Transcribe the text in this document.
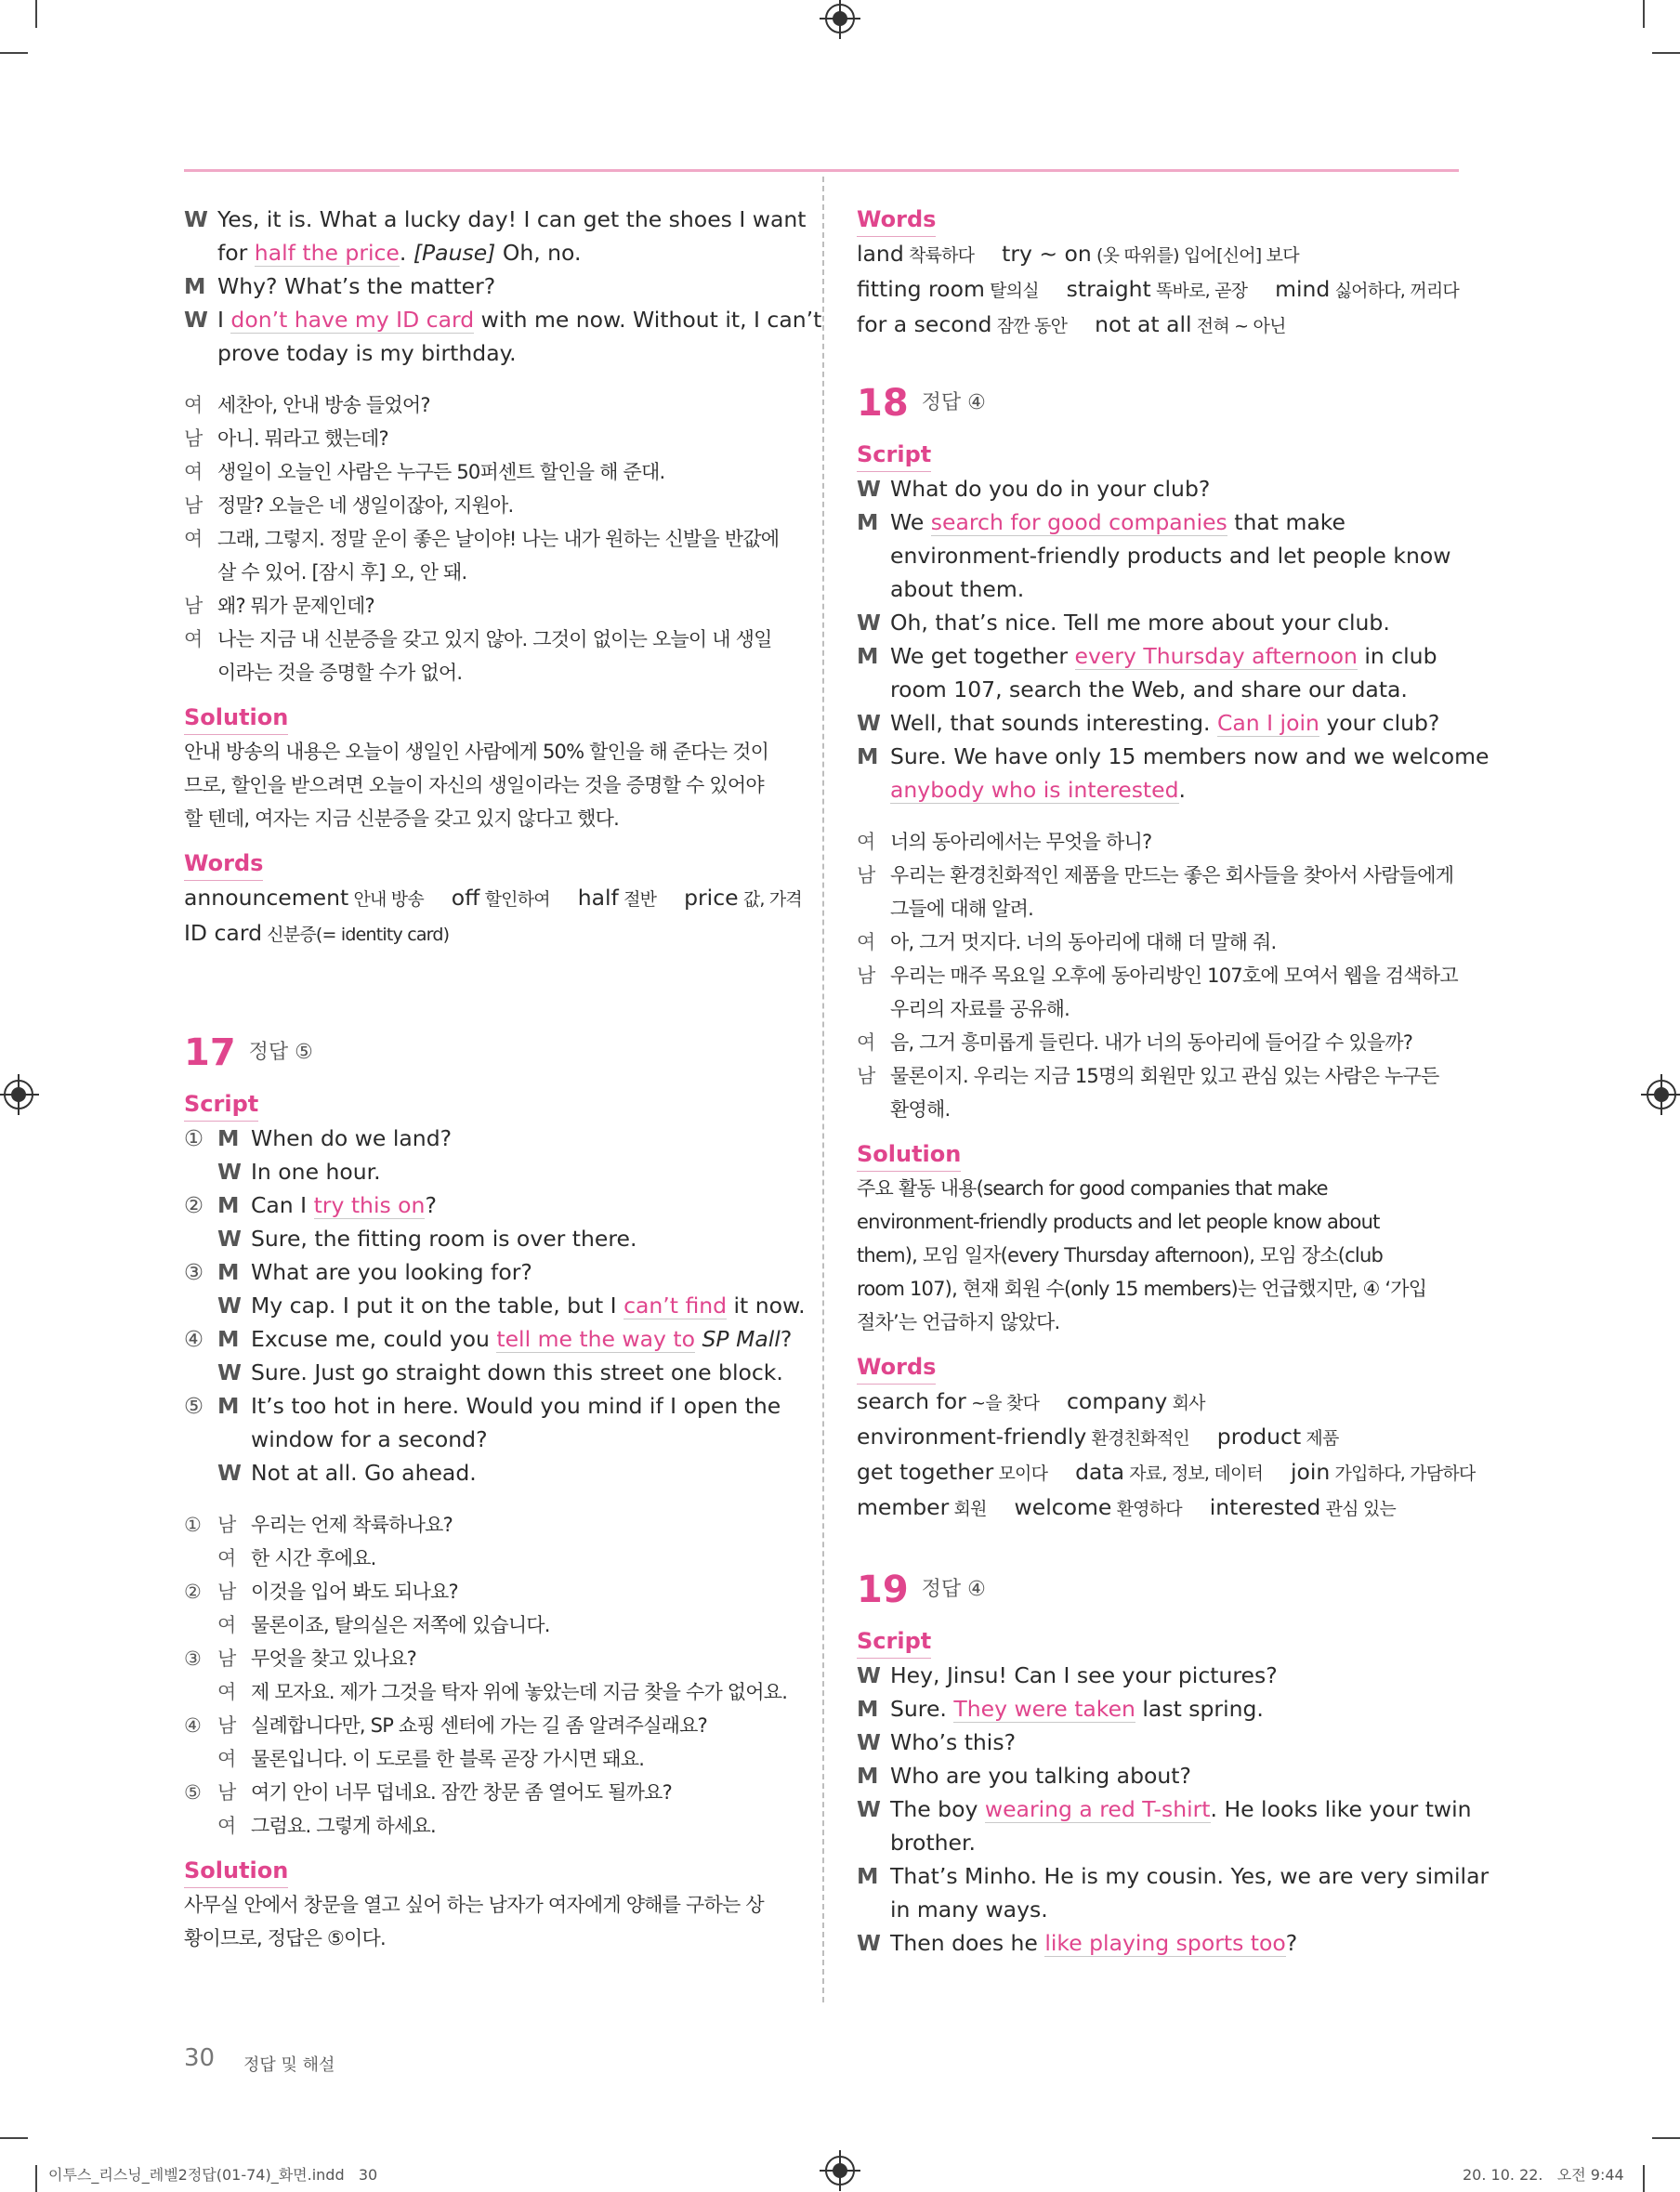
W Yes, it is. What a lucky day! I can get the shoes I want
for half the price. [Pause] Oh, no.
M Why? What’s the matter?
W I don’t have my ID card with me now. Without it, I can’t
prove today is my birthday.
여 세찬아, 안내 방송 들었어?
남 아니. 뭐라고 했는데?
여 생일이 오늘인 사람은 누구든 50퍼센트 할인을 해 준대.
남 정말? 오늘은 네 생일이잖아, 지원아.
여 그래, 그렇지. 정말 운이 좋은 날이야! 나는 내가 원하는 신발을 반값에
살 수 있어. [잠시 후] 오, 안 돼.
남 왜? 뭐가 문제인데?
여 나는 지금 내 신분증을 갖고 있지 않아. 그것이 없이는 오늘이 내 생일
이라는 것을 증명할 수가 없어.
Solution
안내 방송의 내용은 오늘이 생일인 사람에게 50% 할인을 해 준다는 것이
므로, 할인을 받으려면 오늘이 자신의 생일이라는 것을 증명할 수 있어야
할 텐데, 여자는 지금 신분증을 갖고 있지 않다고 했다.
Words
announcement 안내 방송 off 할인하여 half 절반 price 값, 가격
ID card 신분증(= identity card)
17 정답 ⑤
Script
① M When do we land?
W In one hour.
② M Can I try this on?
W Sure, the fitting room is over there.
③ M What are you looking for?
W My cap. I put it on the table, but I can’t find it now.
④ M Excuse me, could you tell me the way to SP Mall?
W Sure. Just go straight down this street one block.
⑤ M It’s too hot in here. Would you mind if I open the
window for a second?
W Not at all. Go ahead.
① 남 우리는 언제 착륙하나요?
여 한 시간 후에요.
② 남 이것을 입어 봐도 되나요?
여 물론이죠, 탈의실은 저쪽에 있습니다.
③ 남 무엇을 찾고 있나요?
여 제 모자요. 제가 그것을 탁자 위에 놓았는데 지금 찾을 수가 없어요.
④ 남 실례합니다만, SP 쇼핑 센터에 가는 길 좀 알려주실래요?
여 물론입니다. 이 도로를 한 블록 곧장 가시면 돼요.
⑤ 남 여기 안이 너무 덥네요. 잠깐 창문 좀 열어도 될까요?
여 그럼요. 그렇게 하세요.
Solution
사무실 안에서 창문을 열고 싶어 하는 남자가 여자에게 양해를 구하는 상
황이므로, 정답은 ⑤이다.
Words
land 착륙하다 try ~ on (옷 따위를) 입어[신어] 보다
fitting room 탈의실 straight 똑바로, 곧장 mind 싫어하다, 꺼리다
for a second 잠깐 동안 not at all 전혀 ~ 아닌
18 정답 ④
Script
W What do you do in your club?
M We search for good companies that make
environment-friendly products and let people know
about them.
W Oh, that’s nice. Tell me more about your club.
M We get together every Thursday afternoon in club
room 107, search the Web, and share our data.
W Well, that sounds interesting. Can I join your club?
M Sure. We have only 15 members now and we welcome
anybody who is interested.
여 너의 동아리에서는 무엇을 하니?
남 우리는 환경친화적인 제품을 만드는 좋은 회사들을 찾아서 사람들에게
그들에 대해 알려.
여 아, 그거 멋지다. 너의 동아리에 대해 더 말해 줘.
남 우리는 매주 목요일 오후에 동아리방인 107호에 모여서 웹을 검색하고
우리의 자료를 공유해.
여 음, 그거 흥미롭게 들린다. 내가 너의 동아리에 들어갈 수 있을까?
남 물론이지. 우리는 지금 15명의 회원만 있고 관심 있는 사람은 누구든
환영해.
Solution
주요 활동 내용(search for good companies that make
environment-friendly products and let people know about
them), 모임 일자(every Thursday afternoon), 모임 장소(club
room 107), 현재 회원 수(only 15 members)는 언급했지만, ④ ‘가입
절차’는 언급하지 않았다.
Words
search for ~을 찾다 company 회사
environment-friendly 환경친화적인 product 제품
get together 모이다 data 자료, 정보, 데이터 join 가입하다, 가담하다
member 회원 welcome 환영하다 interested 관심 있는
19 정답 ④
Script
W Hey, Jinsu! Can I see your pictures?
M Sure. They were taken last spring.
W Who’s this?
M Who are you talking about?
W The boy wearing a red T-shirt. He looks like your twin
brother.
M That’s Minho. He is my cousin. Yes, we are very similar
in many ways.
W Then does he like playing sports too?
30 정답 및 해설
이투스_리스닝_레벨2정답(01-74)_화면.indd   30	20. 10. 22.   오전 9:44
